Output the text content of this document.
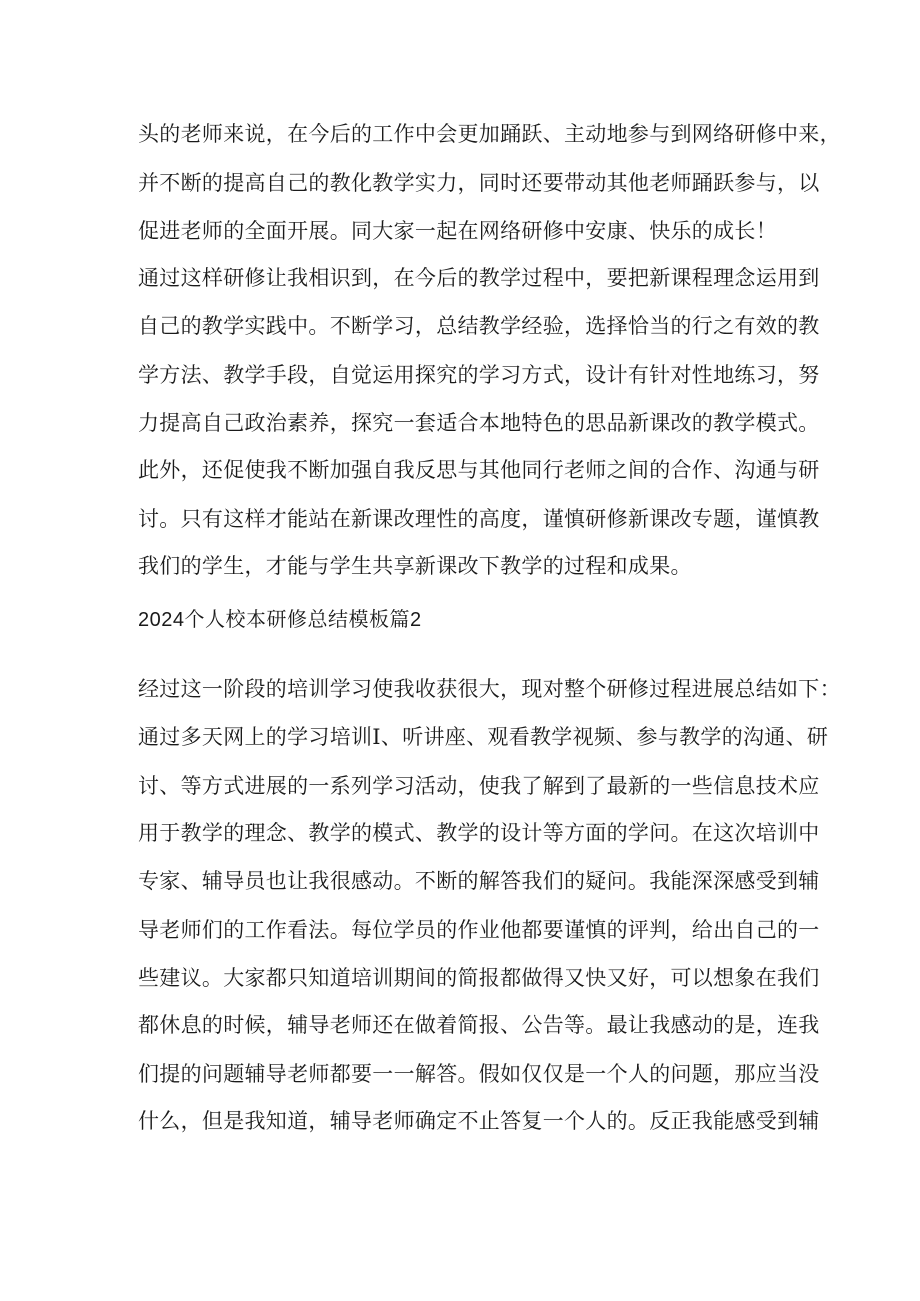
头的老师来说，在今后的工作中会更加踊跃、主动地参与到网络研修中来，
并不断的提高自己的教化教学实力，同时还要带动其他老师踊跃参与，以
促进老师的全面开展。同大家一起在网络研修中安康、快乐的成长！
通过这样研修让我相识到，在今后的教学过程中，要把新课程理念运用到
自己的教学实践中。不断学习，总结教学经验，选择恰当的行之有效的教
学方法、教学手段，自觉运用探究的学习方式，设计有针对性地练习，努
力提高自己政治素养，探究一套适合本地特色的思品新课改的教学模式。
此外，还促使我不断加强自我反思与其他同行老师之间的合作、沟通与研
讨。只有这样才能站在新课改理性的高度，谨慎研修新课改专题，谨慎教
我们的学生，才能与学生共享新课改下教学的过程和成果。
2024个人校本研修总结模板篇2
经过这一阶段的培训学习使我收获很大，现对整个研修过程进展总结如下：
通过多天网上的学习培训I、听讲座、观看教学视频、参与教学的沟通、研
讨、等方式进展的一系列学习活动，使我了解到了最新的一些信息技术应
用于教学的理念、教学的模式、教学的设计等方面的学问。在这次培训中
专家、辅导员也让我很感动。不断的解答我们的疑问。我能深深感受到辅
导老师们的工作看法。每位学员的作业他都要谨慎的评判，给出自己的一
些建议。大家都只知道培训期间的简报都做得又快又好，可以想象在我们
都休息的时候，辅导老师还在做着简报、公告等。最让我感动的是，连我
们提的问题辅导老师都要一一解答。假如仅仅是一个人的问题，那应当没
什么，但是我知道，辅导老师确定不止答复一个人的。反正我能感受到辅
